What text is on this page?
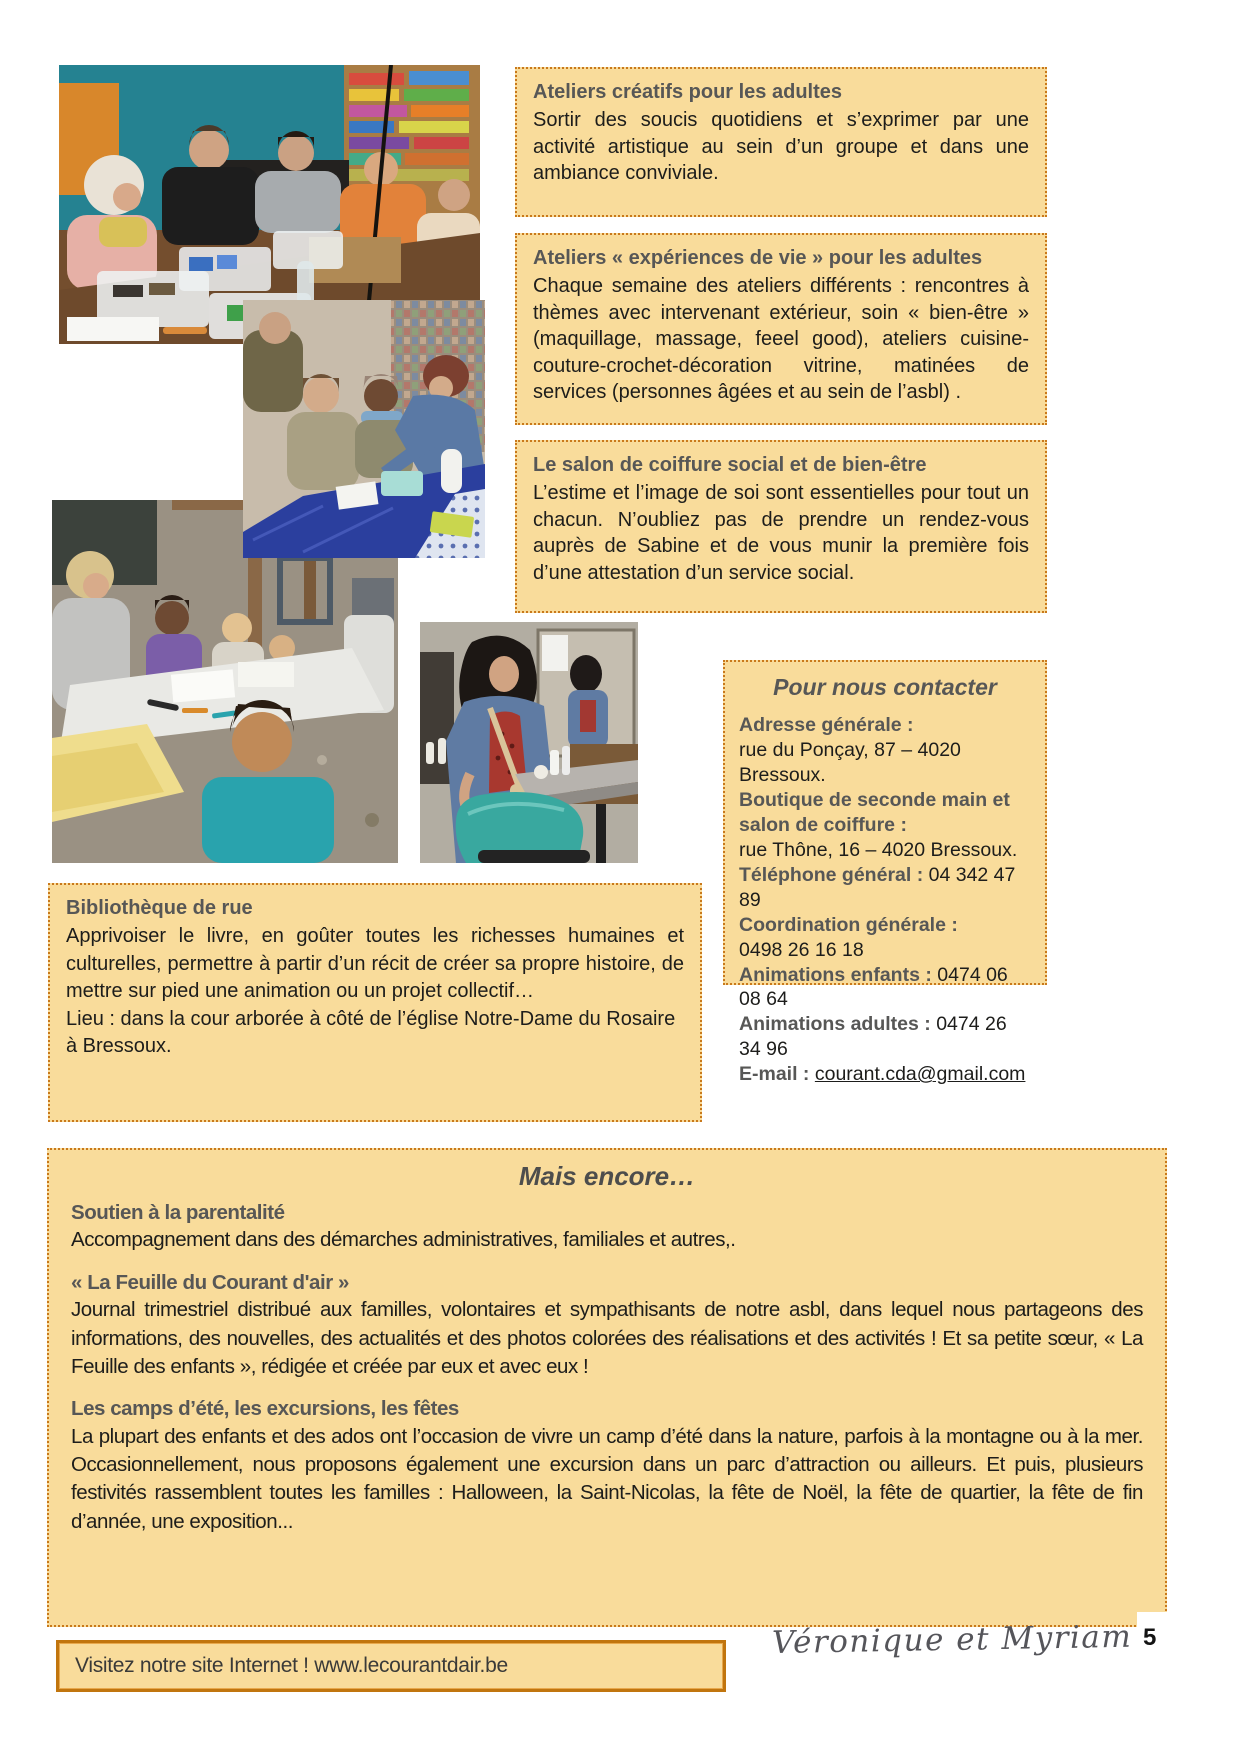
Ateliers créatifs pour les adultes
Sortir des soucis quotidiens et s’exprimer par une activité artistique au sein d’un groupe et dans une ambiance conviviale.
Ateliers « expériences de vie » pour les adultes
Chaque semaine des ateliers différents : rencontres à thèmes avec intervenant extérieur, soin « bien-être » (maquillage, massage, feeel good), ateliers cuisine-couture-crochet-décoration vitrine, matinées de services (personnes âgées et au sein de l’asbl) .
Le salon de coiffure social et de bien-être
L’estime et l’image de soi sont essentielles pour tout un chacun. N’oubliez pas de prendre un rendez-vous auprès de Sabine et de vous munir la première fois d’une attestation d’un service social.
Pour nous contacter
Adresse générale :
rue du Ponçay, 87 – 4020 Bressoux.
Boutique de seconde main et
salon de coiffure :
rue Thône, 16 – 4020 Bressoux.
Téléphone général : 04 342 47 89
Coordination générale :
0498 26 16 18
Animations enfants : 0474 06 08 64
Animations adultes : 0474 26 34 96
E-mail : courant.cda@gmail.com
Bibliothèque de rue
Apprivoiser le livre, en goûter toutes les richesses humaines et culturelles, permettre à partir d’un récit de créer sa propre histoire, de mettre sur pied une animation ou un projet collectif…
Lieu : dans la cour arborée à côté de l’église Notre-Dame du Rosaire à Bressoux.
Mais encore…
Soutien à la parentalité
Accompagnement dans des démarches administratives, familiales et autres,.
« La Feuille du Courant d'air »
Journal trimestriel distribué aux familles, volontaires et sympathisants de notre asbl, dans lequel nous partageons des informations, des nouvelles, des actualités et des photos colorées des réalisations et des activités ! Et sa petite sœur, « La Feuille des enfants », rédigée et créée par eux et avec eux !
Les camps d’été, les excursions, les fêtes
La plupart des enfants et des ados ont l’occasion de vivre un camp d’été dans la nature, parfois à la montagne ou à la mer. Occasionnellement, nous proposons également une excursion dans un parc d’attraction ou ailleurs. Et puis, plusieurs festivités rassemblent toutes les familles : Halloween, la Saint-Nicolas, la fête de Noël, la fête de quartier, la fête de fin d’année, une exposition...
5
Visitez notre site Internet ! www.lecourantdair.be
Véronique et Myriam
